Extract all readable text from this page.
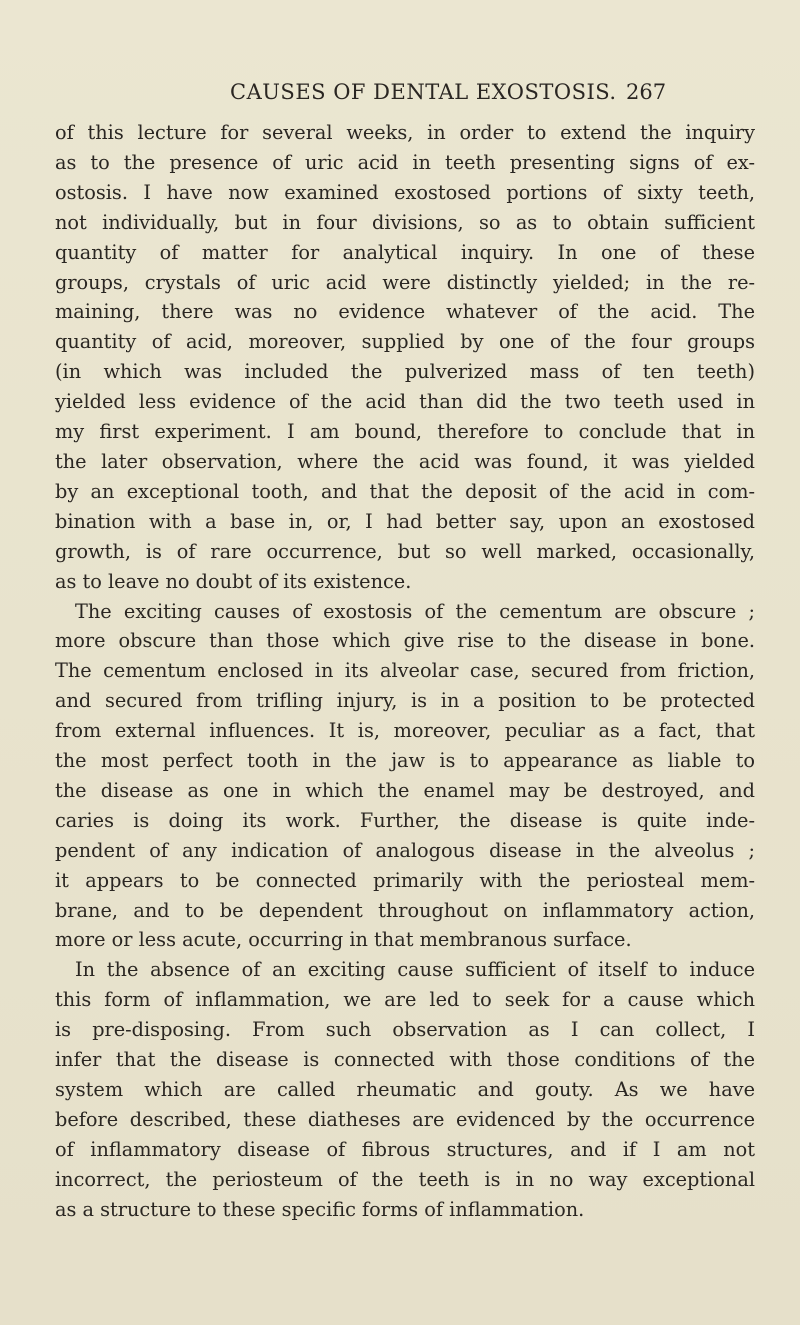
CAUSES OF DENTAL EXOSTOSIS. 267
of this lecture for several weeks, in order to extend the inquiry
as to the presence of uric acid in teeth presenting signs of ex-
ostosis. I have now examined exostosed portions of sixty teeth,
not individually, but in four divisions, so as to obtain sufficient
quantity of matter for analytical inquiry. In one of these
groups, crystals of uric acid were distinctly yielded; in the re-
maining, there was no evidence whatever of the acid. The
quantity of acid, moreover, supplied by one of the four groups
(in which was included the pulverized mass of ten teeth)
yielded less evidence of the acid than did the two teeth used in
my first experiment. I am bound, therefore to conclude that in
the later observation, where the acid was found, it was yielded
by an exceptional tooth, and that the deposit of the acid in com-
bination with a base in, or, I had better say, upon an exostosed
growth, is of rare occurrence, but so well marked, occasionally,
as to leave no doubt of its existence.
The exciting causes of exostosis of the cementum are obscure ;
more obscure than those which give rise to the disease in bone.
The cementum enclosed in its alveolar case, secured from friction,
and secured from trifling injury, is in a position to be protected
from external influences. It is, moreover, peculiar as a fact, that
the most perfect tooth in the jaw is to appearance as liable to
the disease as one in which the enamel may be destroyed, and
caries is doing its work. Further, the disease is quite inde-
pendent of any indication of analogous disease in the alveolus ;
it appears to be connected primarily with the periosteal mem-
brane, and to be dependent throughout on inflammatory action,
more or less acute, occurring in that membranous surface.
In the absence of an exciting cause sufficient of itself to induce
this form of inflammation, we are led to seek for a cause which
is pre-disposing. From such observation as I can collect, I
infer that the disease is connected with those conditions of the
system which are called rheumatic and gouty. As we have
before described, these diatheses are evidenced by the occurrence
of inflammatory disease of fibrous structures, and if I am not
incorrect, the periosteum of the teeth is in no way exceptional
as a structure to these specific forms of inflammation.
